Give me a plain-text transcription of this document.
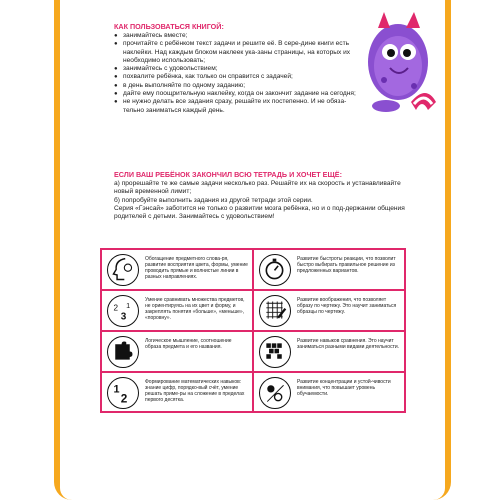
КАК ПОЛЬЗОВАТЬСЯ КНИГОЙ:
● занимайтесь вместе;
● прочитайте с ребёнком текст задачи и решите её. В сере-дине книги есть наклейки. Над каждым блоком наклеек ука-заны страницы, на которых их необходимо использовать;
● занимайтесь с удовольствием;
● похвалите ребёнка, как только он справится с задачей;
● в день выполняйте по одному заданию;
● дайте ему поощрительную наклейку, когда он закончит задание на сегодня;
● не нужно делать все задания сразу, решайте их постепенно. И не обяза-тельно заниматься каждый день.
ЕСЛИ ВАШ РЕБЁНОК ЗАКОНЧИЛ ВСЮ ТЕТРАДЬ И ХОЧЕТ ЕЩЁ:
а) прорешайте те же самые задачи несколько раз. Решайте их на скорость и устанавливайте новый временной лимит;
б) попробуйте выполнить задания из другой тетради этой серии.
Серия «Гэнсай» заботится не только о развитии мозга ребёнка, но и о под-держании общения родителей с детьми. Занимайтесь с удовольствием!
Обогащение предметного слова-ря, развитие восприятия цвета, формы, умение проводить прямые и волнистые линии в разных направлениях.
Развитие быстроты реакции, что позволит быстро выбирать правильное решение из предложенных вариантов.
2
3
1
Умение сравнивать множества предметов, не ориентируясь на их цвет и форму, и закреплять понятия «больше», «меньше», «поровну».
Развитие воображения, что позволяет образу по чертежу. Это научит заниматься образцы по чертежу.
Логическое мышление, соотношение образа предмета и его названия.
Развитие навыков сравнения. Это научит заниматься разными видами деятельности.
1
2
Формирование математических навыков: знание цифр, порядко-вый счёт, умение решать приме-ры на сложение в пределах первого десятка.
Развитие концентрации и устой-чивости внимания, что повышает уровень обучаемости.
